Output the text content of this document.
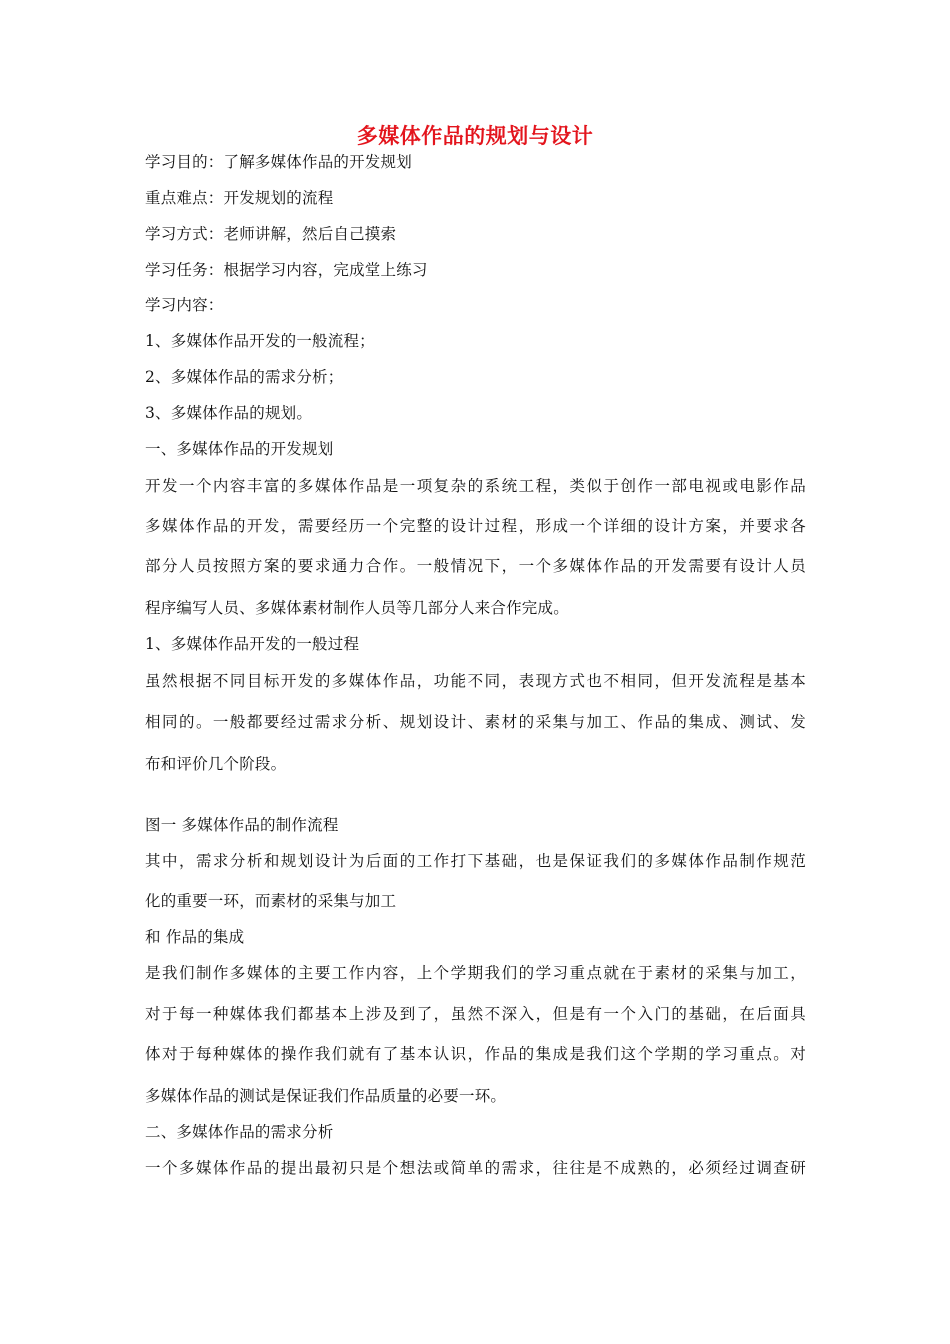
多媒体作品的规划与设计
学习目的：了解多媒体作品的开发规划
重点难点：开发规划的流程
学习方式：老师讲解，然后自己摸索
学习任务：根据学习内容，完成堂上练习
学习内容：
1、多媒体作品开发的一般流程；
2、多媒体作品的需求分析；
3、多媒体作品的规划。
一、多媒体作品的开发规划
开发一个内容丰富的多媒体作品是一项复杂的系统工程，类似于创作一部电视或电影作品
多媒体作品的开发，需要经历一个完整的设计过程，形成一个详细的设计方案，并要求各
部分人员按照方案的要求通力合作。一般情况下，一个多媒体作品的开发需要有设计人员
程序编写人员、多媒体素材制作人员等几部分人来合作完成。
1、多媒体作品开发的一般过程
虽然根据不同目标开发的多媒体作品，功能不同，表现方式也不相同，但开发流程是基本
相同的。一般都要经过需求分析、规划设计、素材的采集与加工、作品的集成、测试、发
布和评价几个阶段。
图一 多媒体作品的制作流程
其中，需求分析和规划设计为后面的工作打下基础，也是保证我们的多媒体作品制作规范
化的重要一环，而素材的采集与加工
和 作品的集成
是我们制作多媒体的主要工作内容，上个学期我们的学习重点就在于素材的采集与加工，
对于每一种媒体我们都基本上涉及到了，虽然不深入，但是有一个入门的基础，在后面具
体对于每种媒体的操作我们就有了基本认识，作品的集成是我们这个学期的学习重点。对
多媒体作品的测试是保证我们作品质量的必要一环。
二、多媒体作品的需求分析
一个多媒体作品的提出最初只是个想法或简单的需求，往往是不成熟的，必须经过调查研
